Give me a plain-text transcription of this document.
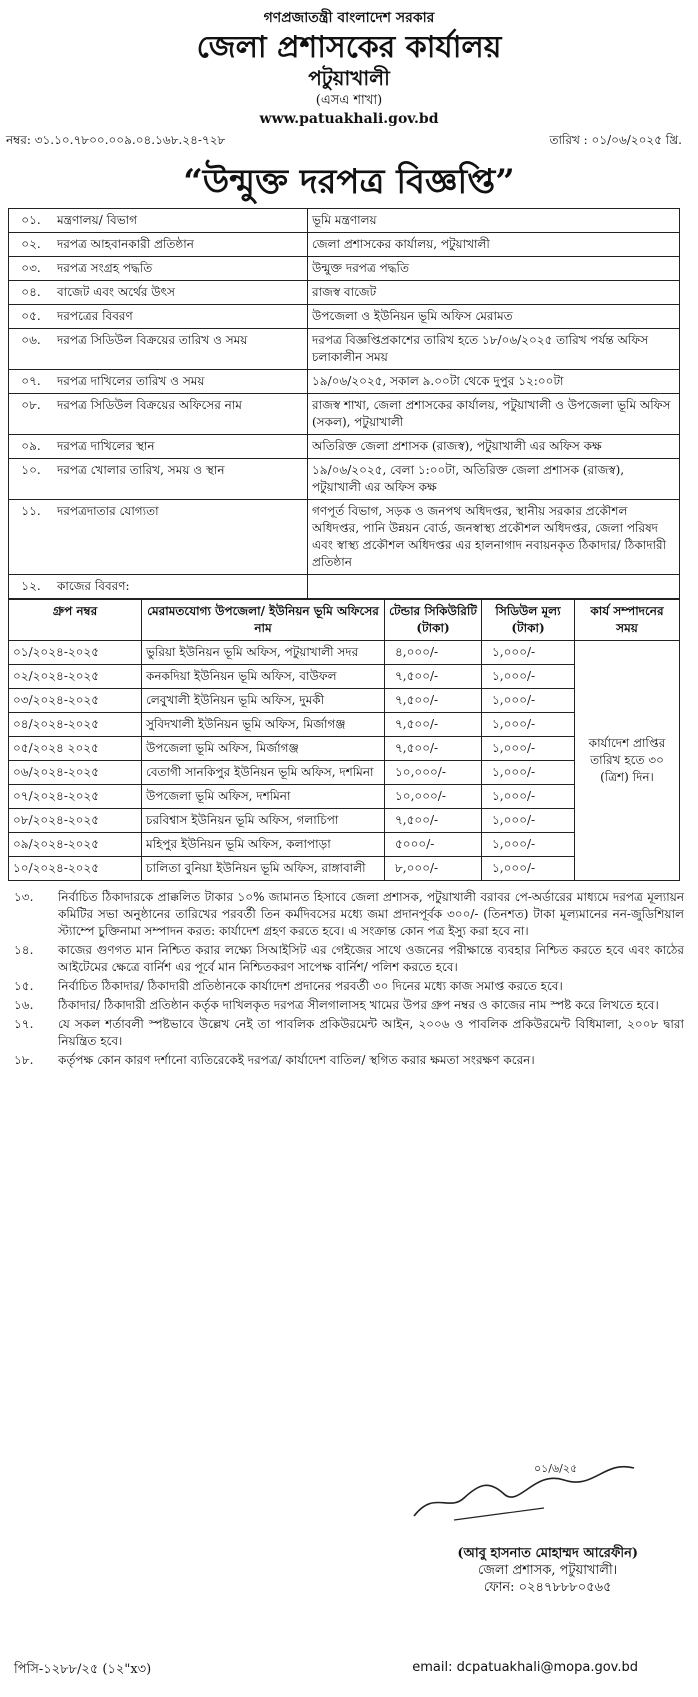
গণপ্রজাতন্ত্রী বাংলাদেশ সরকার
জেলা প্রশাসকের কার্যালয়
পটুয়াখালী
(এসএ শাখা)
www.patuakhali.gov.bd
নম্বর: ৩১.১০.৭৮০০.০০৯.০৪.১৬৮.২৪-৭২৮	তারিখ : ০১/০৬/২০২৫ খ্রি.
“উন্মুক্ত দরপত্র বিজ্ঞপ্তি”
০১.	মন্ত্রণালয়/ বিভাগ	ভূমি মন্ত্রণালয়
০২.	দরপত্র আহবানকারী প্রতিষ্ঠান	জেলা প্রশাসকের কার্যালয়, পটুয়াখালী
০৩.	দরপত্র সংগ্রহ পদ্ধতি	উন্মুক্ত দরপত্র পদ্ধতি
০৪.	বাজেট এবং অর্থের উৎস	রাজস্ব বাজেট
০৫.	দরপত্রের বিবরণ	উপজেলা ও ইউনিয়ন ভূমি অফিস মেরামত
০৬.	দরপত্র সিডিউল বিক্রয়ের তারিখ ও সময়	দরপত্র বিজ্ঞপ্তিপ্রকাশের তারিখ হতে ১৮/০৬/২০২৫ তারিখ পর্যন্ত অফিস চলাকালীন সময়
০৭.	দরপত্র দাখিলের তারিখ ও সময়	১৯/০৬/২০২৫, সকাল ৯.০০টা থেকে দুপুর ১২:০০টা
০৮.	দরপত্র সিডিউল বিক্রয়ের অফিসের নাম	রাজস্ব শাখা, জেলা প্রশাসকের কার্যালয়, পটুয়াখালী ও উপজেলা ভূমি অফিস (সকল), পটুয়াখালী
০৯.	দরপত্র দাখিলের স্থান	অতিরিক্ত জেলা প্রশাসক (রাজস্ব), পটুয়াখালী এর অফিস কক্ষ
১০.	দরপত্র খোলার তারিখ, সময় ও স্থান	১৯/০৬/২০২৫, বেলা ১:০০টা, অতিরিক্ত জেলা প্রশাসক (রাজস্ব), পটুয়াখালী এর অফিস কক্ষ
১১.	দরপত্রদাতার যোগ্যতা	গণপূর্ত বিভাগ, সড়ক ও জনপথ অধিদপ্তর, স্থানীয় সরকার প্রকৌশল অধিদপ্তর, পানি উন্নয়ন বোর্ড, জনস্বাস্থ্য প্রকৌশল অধিদপ্তর, জেলা পরিষদ এবং স্বাস্থ্য প্রকৌশল অধিদপ্তর এর হালনাগাদ নবায়নকৃত ঠিকাদার/ ঠিকাদারী প্রতিষ্ঠান
১২.	কাজের বিবরণ:	
গ্রুপ নম্বর	মেরামতযোগ্য উপজেলা/ ইউনিয়ন ভূমি অফিসের নাম	টেন্ডার সিকিউরিটি (টাকা)	সিডিউল মূল্য (টাকা)	কার্য সম্পাদনের সময়
০১/২০২৪-২০২৫	ভুরিয়া ইউনিয়ন ভূমি অফিস, পটুয়াখালী সদর	৪,০০০/-	১,০০০/-	কার্যাদেশ প্রাপ্তির তারিখ হতে ৩০ (ত্রিশ) দিন।
০২/২০২৪-২০২৫	কনকদিয়া ইউনিয়ন ভূমি অফিস, বাউফল	৭,৫০০/-	১,০০০/-	
০৩/২০২৪-২০২৫	লেবুখালী ইউনিয়ন ভূমি অফিস, দুমকী	৭,৫০০/-	১,০০০/-	
০৪/২০২৪-২০২৫	সুবিদখালী ইউনিয়ন ভূমি অফিস, মির্জাগঞ্জ	৭,৫০০/-	১,০০০/-	
০৫/২০২৪ ২০২৫	উপজেলা ভূমি অফিস, মির্জাগঞ্জ	৭,৫০০/-	১,০০০/-	
০৬/২০২৪-২০২৫	বেতাগী সানকিপুর ইউনিয়ন ভূমি অফিস, দশমিনা	১০,০০০/-	১,০০০/-	
০৭/২০২৪-২০২৫	উপজেলা ভূমি অফিস, দশমিনা	১০,০০০/-	১,০০০/-	
০৮/২০২৪-২০২৫	চরবিশ্বাস ইউনিয়ন ভূমি অফিস, গলাচিপা	৭,৫০০/-	১,০০০/-	
০৯/২০২৪-২০২৫	মহিপুর ইউনিয়ন ভূমি অফিস, কলাপাড়া	৫০০০/-	১,০০০/-	
১০/২০২৪-২০২৫	চালিতা বুনিয়া ইউনিয়ন ভূমি অফিস, রাঙ্গাবালী	৮,০০০/-	১,০০০/-	
১৩.	নির্বাচিত ঠিকাদারকে প্রাক্কলিত টাকার ১০% জামানত হিসাবে জেলা প্রশাসক, পটুয়াখালী বরাবর পে-অর্ডারের মাধ্যমে দরপত্র মূল্যায়ন কমিটির সভা অনুষ্ঠানের তারিখের পরবর্তী তিন কর্মদিবসের মধ্যে জমা প্রদানপূর্বক ৩০০/- (তিনশত) টাকা মূল্যমানের নন-জুডিশিয়াল স্ট্যাম্পে চুক্তিনামা সম্পাদন করত: কার্যাদেশ গ্রহণ করতে হবে। এ সংক্রান্ত কোন পত্র ইস্যু করা হবে না।
১৪.	কাজের গুণগত মান নিশ্চিত করার লক্ষ্যে সিআইসিট এর গেইজের সাথে ওজনের পরীক্ষান্তে ব্যবহার নিশ্চিত করতে হবে এবং কাঠের আইটেমের ক্ষেত্রে বার্নিশ এর পূর্বে মান নিশ্চিতকরণ সাপেক্ষ বার্নিশ/ পলিশ করতে হবে।
১৫.	নির্বাচিত ঠিকাদার/ ঠিকাদারী প্রতিষ্ঠানকে কার্যাদেশ প্রদানের পরবর্তী ৩০ দিনের মধ্যে কাজ সমাপ্ত করতে হবে।
১৬.	ঠিকাদার/ ঠিকাদারী প্রতিষ্ঠান কর্তৃক দাখিলকৃত দরপত্র সীলগালাসহ খামের উপর গ্রুপ নম্বর ও কাজের নাম স্পষ্ট করে লিখতে হবে।
১৭.	যে সকল শর্তাবলী স্পষ্টভাবে উল্লেখ নেই তা পাবলিক প্রকিউরমেন্ট আইন, ২০০৬ ও পাবলিক প্রকিউরমেন্ট বিধিমালা, ২০০৮ দ্বারা নিয়ন্ত্রিত হবে।
১৮.	কর্তৃপক্ষ কোন কারণ দর্শানো ব্যতিরেকেই দরপত্র/ কার্যাদেশ বাতিল/ স্থগিত করার ক্ষমতা সংরক্ষণ করেন।
০১/৬/২৫
(আবু হাসনাত মোহাম্মদ আরেফীন)
জেলা প্রশাসক, পটুয়াখালী।
ফোন: ০২৪৭৮৮৮০৫৬৫
পিসি-১২৮৮/২৫ (১২"x৩)	email: dcpatuakhali@mopa.gov.bd
